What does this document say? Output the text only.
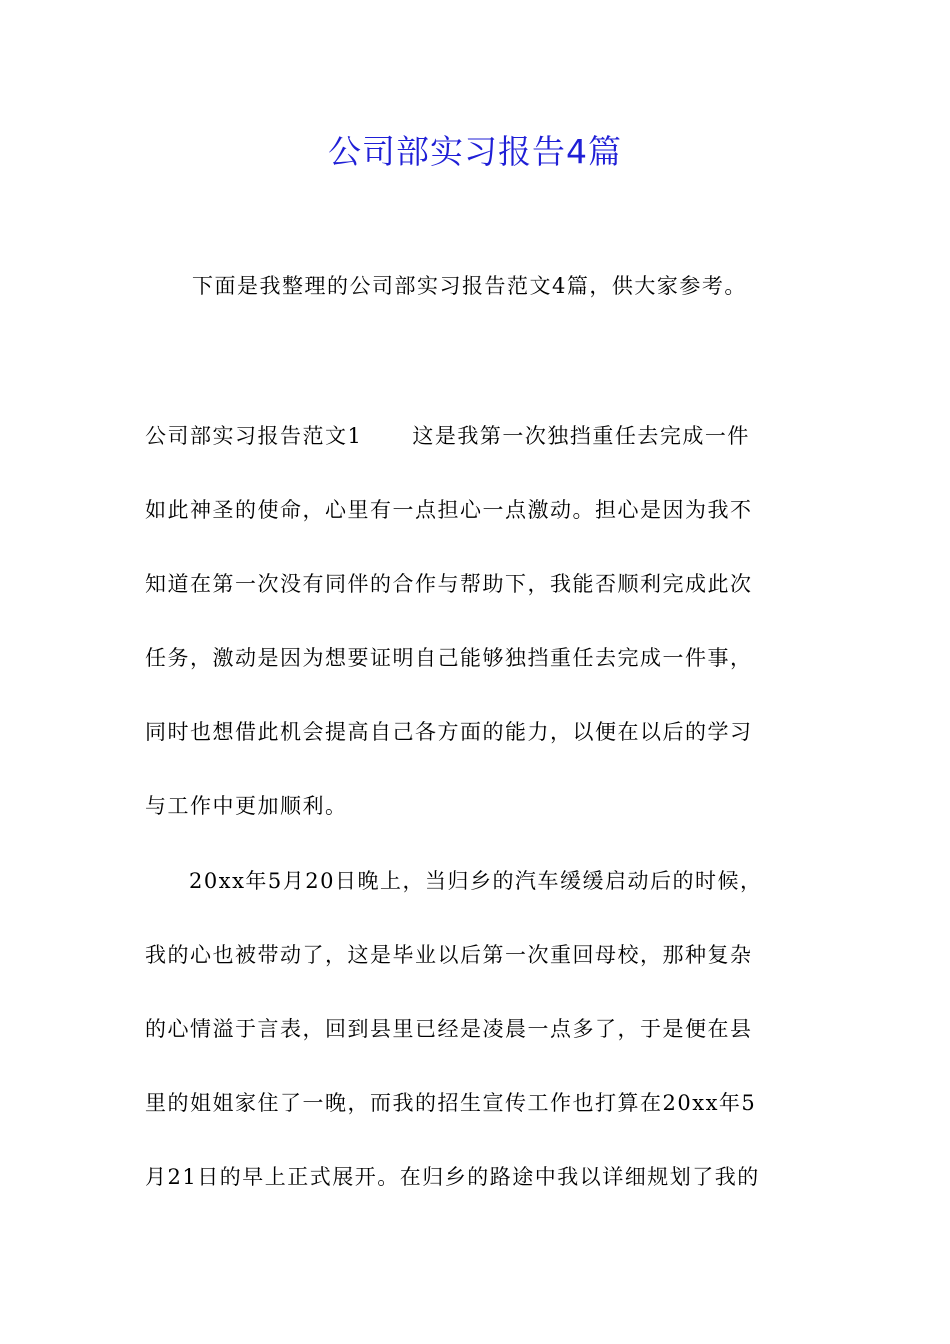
公司部实习报告4篇
下面是我整理的公司部实习报告范文4篇，供大家参考。
公司部实习报告范文1 这是我第一次独挡重任去完成一件
如此神圣的使命，心里有一点担心一点激动。担心是因为我不
知道在第一次没有同伴的合作与帮助下，我能否顺利完成此次
任务，激动是因为想要证明自己能够独挡重任去完成一件事，
同时也想借此机会提高自己各方面的能力，以便在以后的学习
与工作中更加顺利。
20xx年5月20日晚上，当归乡的汽车缓缓启动后的时候，
我的心也被带动了，这是毕业以后第一次重回母校，那种复杂
的心情溢于言表，回到县里已经是凌晨一点多了，于是便在县
里的姐姐家住了一晚，而我的招生宣传工作也打算在20xx年5
月21日的早上正式展开。在归乡的路途中我以详细规划了我的
